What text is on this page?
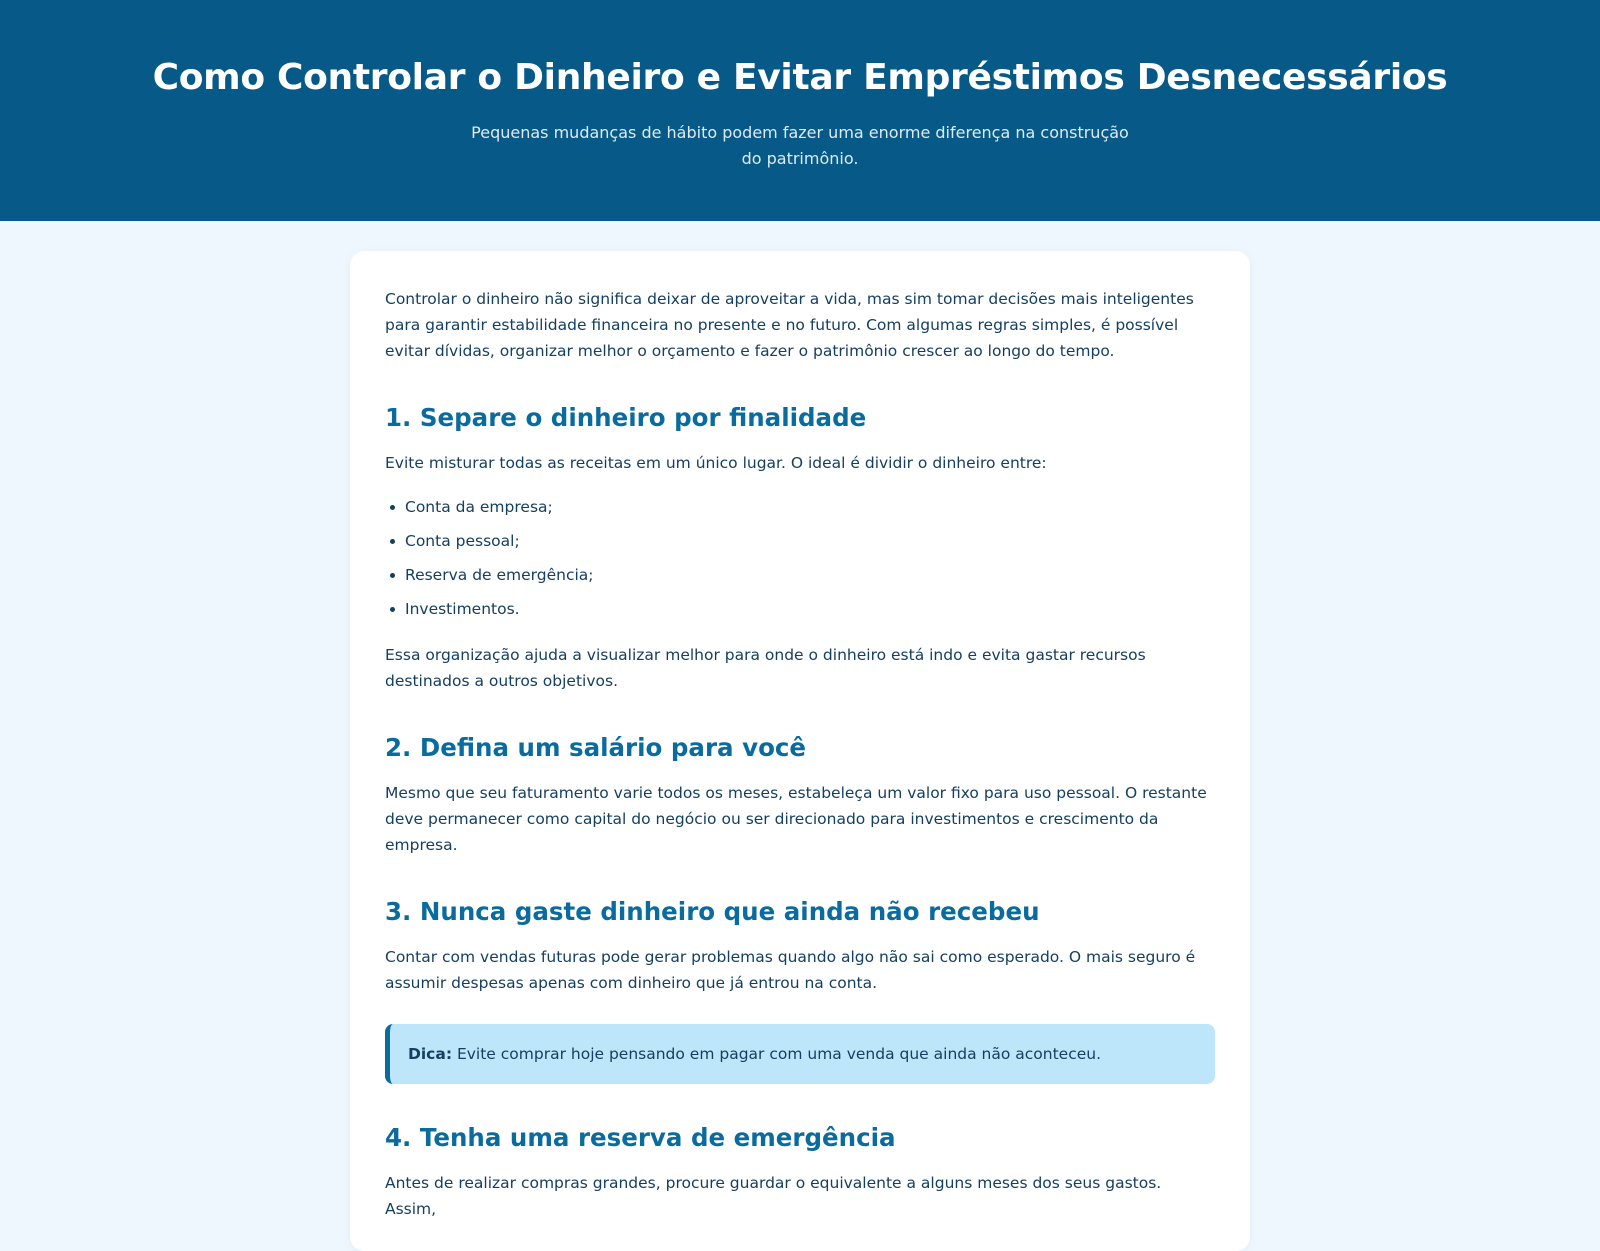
Como Controlar o Dinheiro e Evitar Empréstimos Desnecessários

Pequenas mudanças de hábito podem fazer uma enorme diferença na construção do patrimônio.

Controlar o dinheiro não significa deixar de aproveitar a vida, mas sim tomar decisões mais inteligentes para garantir estabilidade financeira no presente e no futuro. Com algumas regras simples, é possível evitar dívidas, organizar melhor o orçamento e fazer o patrimônio crescer ao longo do tempo.

1. Separe o dinheiro por finalidade

Evite misturar todas as receitas em um único lugar. O ideal é dividir o dinheiro entre:

Conta da empresa;
Conta pessoal;
Reserva de emergência;
Investimentos.

Essa organização ajuda a visualizar melhor para onde o dinheiro está indo e evita gastar recursos destinados a outros objetivos.

2. Defina um salário para você

Mesmo que seu faturamento varie todos os meses, estabeleça um valor fixo para uso pessoal. O restante deve permanecer como capital do negócio ou ser direcionado para investimentos e crescimento da empresa.

3. Nunca gaste dinheiro que ainda não recebeu

Contar com vendas futuras pode gerar problemas quando algo não sai como esperado. O mais seguro é assumir despesas apenas com dinheiro que já entrou na conta.

Dica: Evite comprar hoje pensando em pagar com uma venda que ainda não aconteceu.
4. Tenha uma reserva de emergência

Antes de realizar compras grandes, procure guardar o equivalente a alguns meses dos seus gastos. Assim,
